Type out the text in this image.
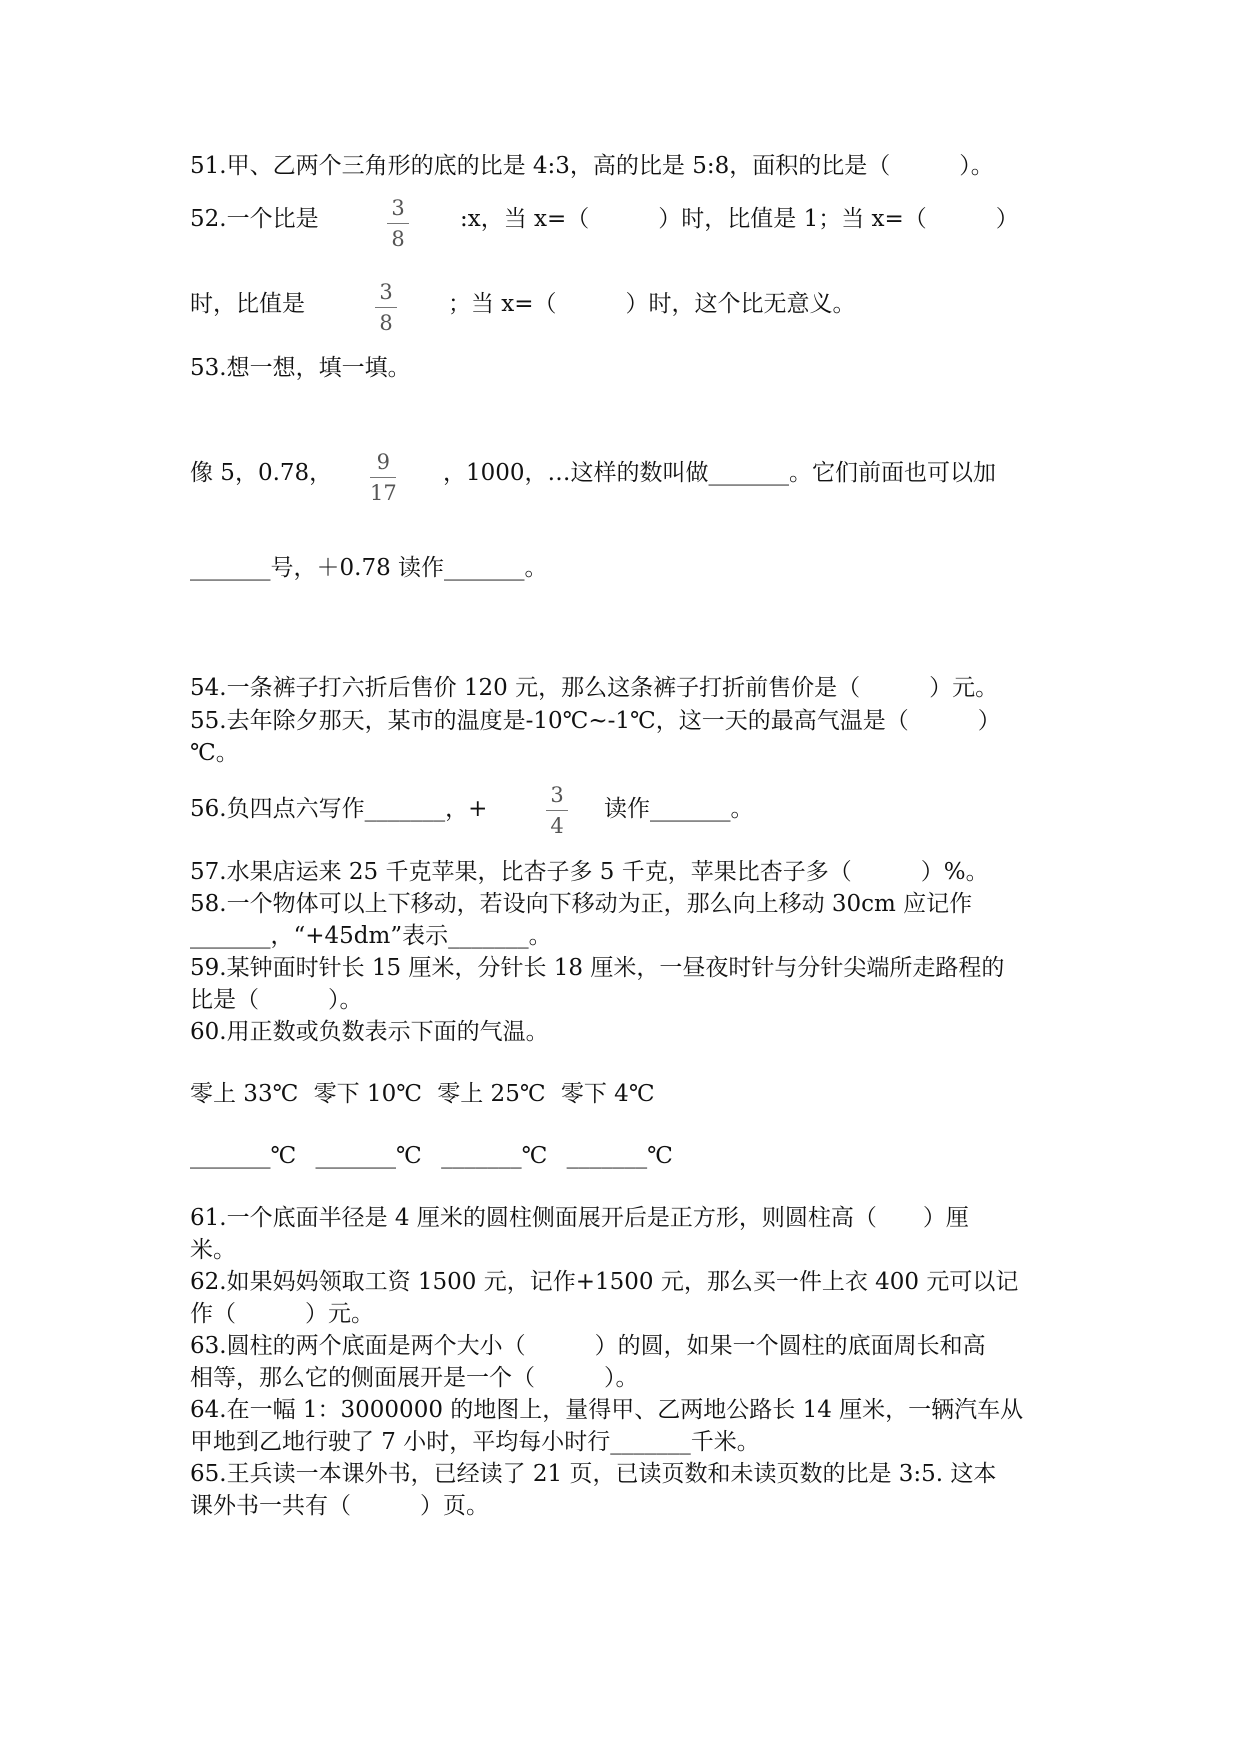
51.甲、乙两个三角形的底的比是 4:3，高的比是 5:8，面积的比是（　　　）。
52.一个比是	3
8
:x，当 x=（　　　）时，比值是 1；当 x=（　　　）
时，比值是	3
8
；当 x=（　　　）时，这个比无意义。
53.想一想，填一填。
像 5，0.78， 9
17
，1000，…这样的数叫做_______。它们前面也可以加
_______号，＋0.78 读作_______。
54.一条裤子打六折后售价 120 元，那么这条裤子打折前售价是（　　　）元。
55.去年除夕那天，某市的温度是-10℃~-1℃，这一天的最高气温是（　　　）
℃。
56.负四点六写作_______，+
3
4
读作_______。
57.水果店运来 25 千克苹果，比杏子多 5 千克，苹果比杏子多（　　　）%。
58.一个物体可以上下移动，若设向下移动为正，那么向上移动 30cm 应记作
_______，“+45dm”表示_______。
59.某钟面时针长 15 厘米，分针长 18 厘米，一昼夜时针与分针尖端所走路程的
比是（　　　）。
60.用正数或负数表示下面的气温。
零上 33℃ 零下 10℃ 零上 25℃ 零下 4℃
_______℃ _______℃ _______℃ _______℃
61.一个底面半径是 4 厘米的圆柱侧面展开后是正方形，则圆柱高（　　）厘
米。
62.如果妈妈领取工资 1500 元，记作+1500 元，那么买一件上衣 400 元可以记
作（　　　）元。
63.圆柱的两个底面是两个大小（　　　）的圆，如果一个圆柱的底面周长和高
相等，那么它的侧面展开是一个（　　　）。
64.在一幅 1：3000000 的地图上，量得甲、乙两地公路长 14 厘米，一辆汽车从
甲地到乙地行驶了 7 小时，平均每小时行_______千米。
65.王兵读一本课外书，已经读了 21 页，已读页数和未读页数的比是 3:5. 这本
课外书一共有（　　　）页。
